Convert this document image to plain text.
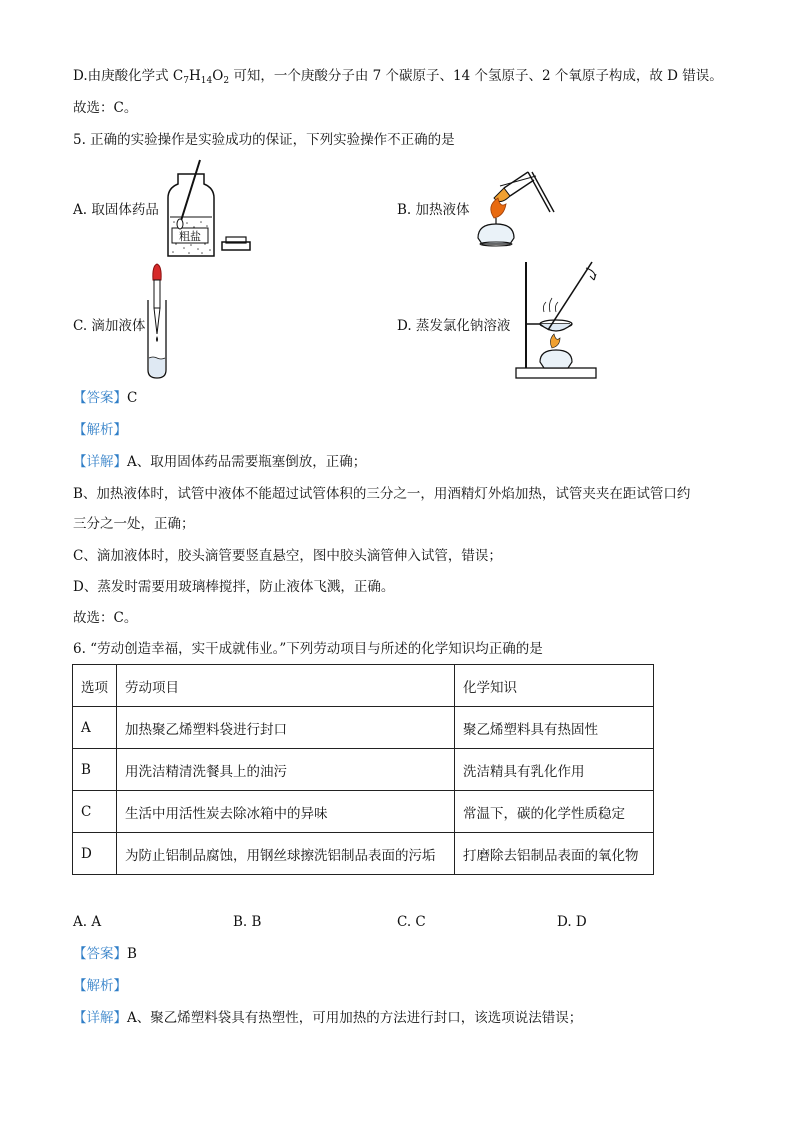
D.由庚酸化学式 $C_7H_{14}O_2$ 可知，一个庚酸分子由 7 个碳原子、14 个氢原子、2 个氧原子构成，故 D 错误。
故选：C。
5. 正确的实验操作是实验成功的保证，下列实验操作不正确的是
A. 取固体药品
粗盐
B. 加热液体
C. 滴加液体	D. 蒸发氯化钠溶液
【答案】C
【解析】
【详解】A、取用固体药品需要瓶塞倒放，正确；
B、加热液体时，试管中液体不能超过试管体积的三分之一，用酒精灯外焰加热，试管夹夹在距试管口约
三分之一处，正确；
C、滴加液体时，胶头滴管要竖直悬空，图中胶头滴管伸入试管，错误；
D、蒸发时需要用玻璃棒搅拌，防止液体飞溅，正确。
故选：C。
6. “劳动创造幸福，实干成就伟业。”下列劳动项目与所述的化学知识均正确的是
选项	劳动项目	化学知识
A	加热聚乙烯塑料袋进行封口	聚乙烯塑料具有热固性
B	用洗洁精清洗餐具上的油污	洗洁精具有乳化作用
C	生活中用活性炭去除冰箱中的异味	常温下，碳的化学性质稳定
D	为防止铝制品腐蚀，用钢丝球擦洗铝制品表面的污垢	打磨除去铝制品表面的氧化物
A. A	B. B	C. C	D. D
【答案】B
【解析】
【详解】A、聚乙烯塑料袋具有热塑性，可用加热的方法进行封口，该选项说法错误；
